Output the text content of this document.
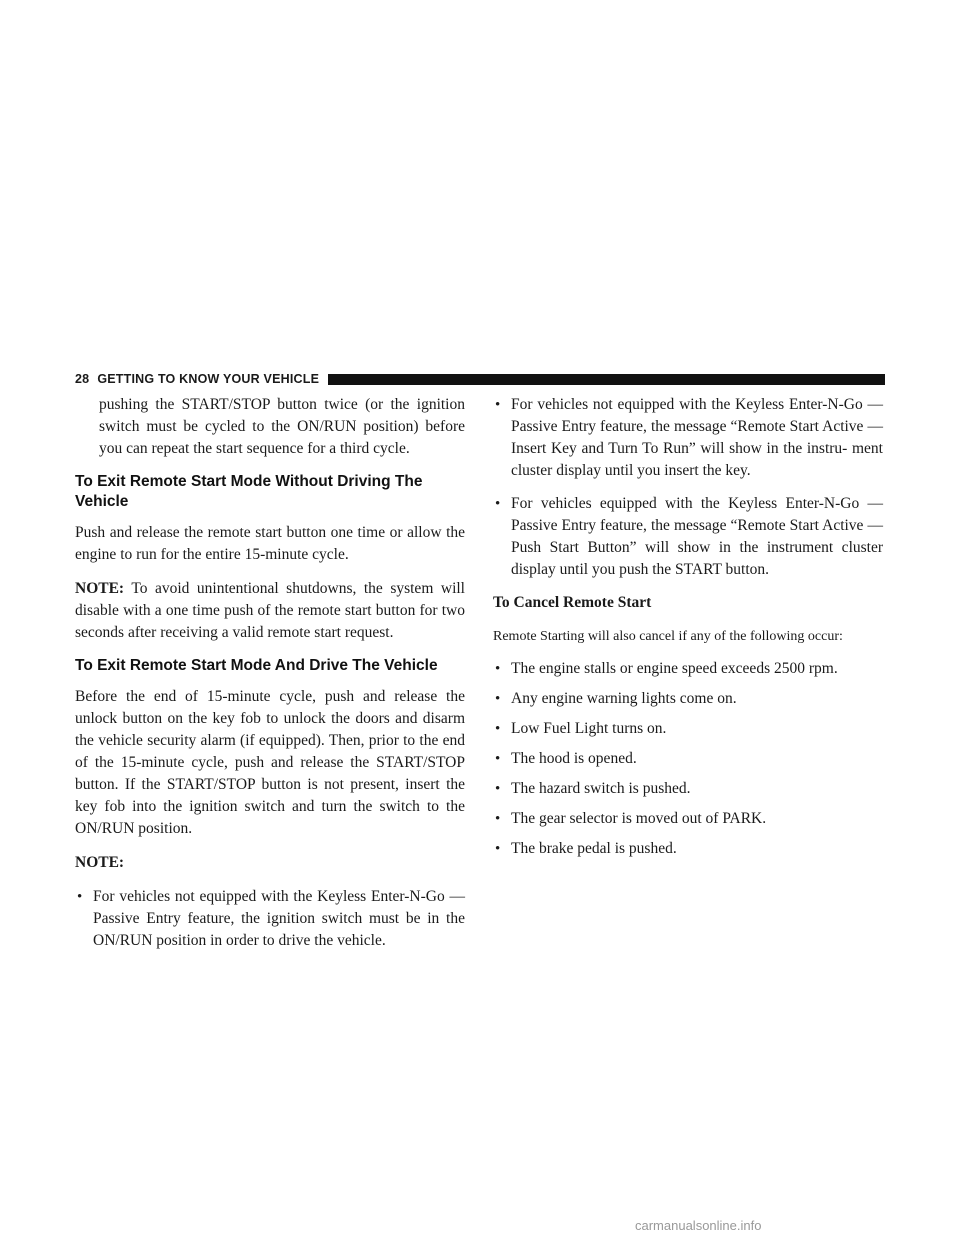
28 GETTING TO KNOW YOUR VEHICLE

pushing the START/STOP button twice (or the ignition switch must be cycled to the ON/RUN position) before you can repeat the start sequence for a third cycle.

To Exit Remote Start Mode Without Driving The Vehicle

Push and release the remote start button one time or allow the engine to run for the entire 15-minute cycle.

NOTE: To avoid unintentional shutdowns, the system will disable with a one time push of the remote start button for two seconds after receiving a valid remote start request.

To Exit Remote Start Mode And Drive The Vehicle

Before the end of 15-minute cycle, push and release the unlock button on the key fob to unlock the doors and disarm the vehicle security alarm (if equipped). Then, prior to the end of the 15-minute cycle, push and release the START/STOP button. If the START/STOP button is not present, insert the key fob into the ignition switch and turn the switch to the ON/RUN position.

NOTE:

• For vehicles not equipped with the Keyless Enter-N-Go — Passive Entry feature, the ignition switch must be in the ON/RUN position in order to drive the vehicle.
• For vehicles not equipped with the Keyless Enter-N-Go — Passive Entry feature, the message “Remote Start Active — Insert Key and Turn To Run” will show in the instru- ment cluster display until you insert the key.
• For vehicles equipped with the Keyless Enter-N-Go — Passive Entry feature, the message “Remote Start Active — Push Start Button” will show in the instrument cluster display until you push the START button.

To Cancel Remote Start

Remote Starting will also cancel if any of the following occur:

• The engine stalls or engine speed exceeds 2500 rpm.
• Any engine warning lights come on.
• Low Fuel Light turns on.
• The hood is opened.
• The hazard switch is pushed.
• The gear selector is moved out of PARK.
• The brake pedal is pushed.
carmanualsonline.info
